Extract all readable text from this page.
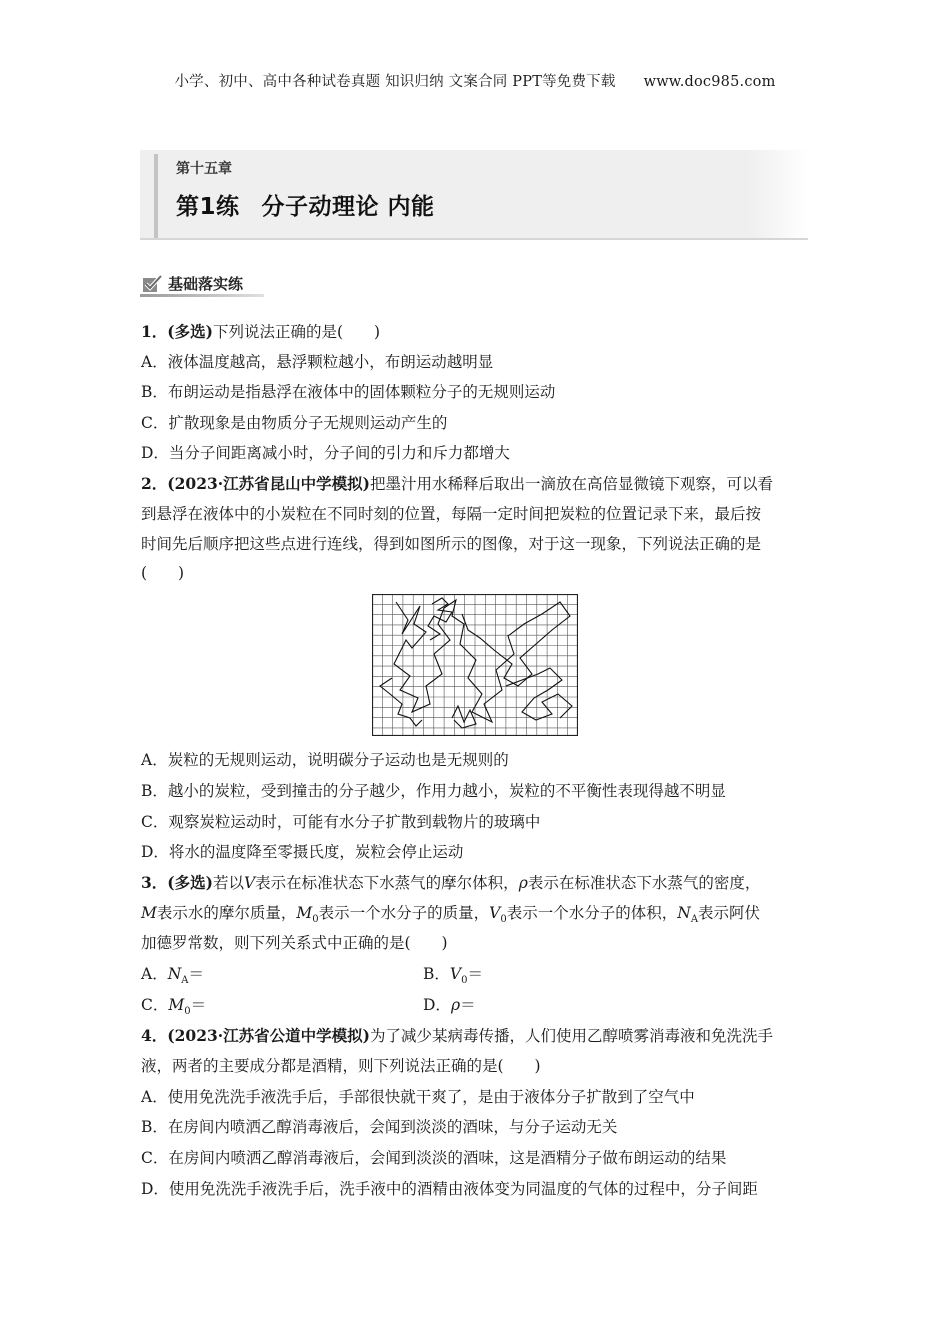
小学、初中、高中各种试卷真题 知识归纳 文案合同 PPT等免费下载 www.doc985.com
第十五章
第1练 分子动理论 内能
基础落实练
1．(多选)下列说法正确的是(　　)
A．液体温度越高，悬浮颗粒越小，布朗运动越明显
B．布朗运动是指悬浮在液体中的固体颗粒分子的无规则运动
C．扩散现象是由物质分子无规则运动产生的
D．当分子间距离减小时，分子间的引力和斥力都增大
2．(2023·江苏省昆山中学模拟)把墨汁用水稀释后取出一滴放在高倍显微镜下观察，可以看
到悬浮在液体中的小炭粒在不同时刻的位置，每隔一定时间把炭粒的位置记录下来，最后按
时间先后顺序把这些点进行连线，得到如图所示的图像，对于这一现象，下列说法正确的是
(　　)
A．炭粒的无规则运动，说明碳分子运动也是无规则的
B．越小的炭粒，受到撞击的分子越少，作用力越小，炭粒的不平衡性表现得越不明显
C．观察炭粒运动时，可能有水分子扩散到载物片的玻璃中
D．将水的温度降至零摄氏度，炭粒会停止运动
3．(多选)若以V表示在标准状态下水蒸气的摩尔体积，ρ表示在标准状态下水蒸气的密度，
M表示水的摩尔质量，$M_0$表示一个水分子的质量，$V_0$表示一个水分子的体积，$N_A$表示阿伏
加德罗常数，则下列关系式中正确的是(　　)
A．$N_A=$	B．$V_0=$
C．$M_0=$	D．ρ＝
4．(2023·江苏省公道中学模拟)为了减少某病毒传播，人们使用乙醇喷雾消毒液和免洗洗手
液，两者的主要成分都是酒精，则下列说法正确的是(　　)
A．使用免洗洗手液洗手后，手部很快就干爽了，是由于液体分子扩散到了空气中
B．在房间内喷洒乙醇消毒液后，会闻到淡淡的酒味，与分子运动无关
C．在房间内喷洒乙醇消毒液后，会闻到淡淡的酒味，这是酒精分子做布朗运动的结果
D．使用免洗洗手液洗手后，洗手液中的酒精由液体变为同温度的气体的过程中，分子间距
